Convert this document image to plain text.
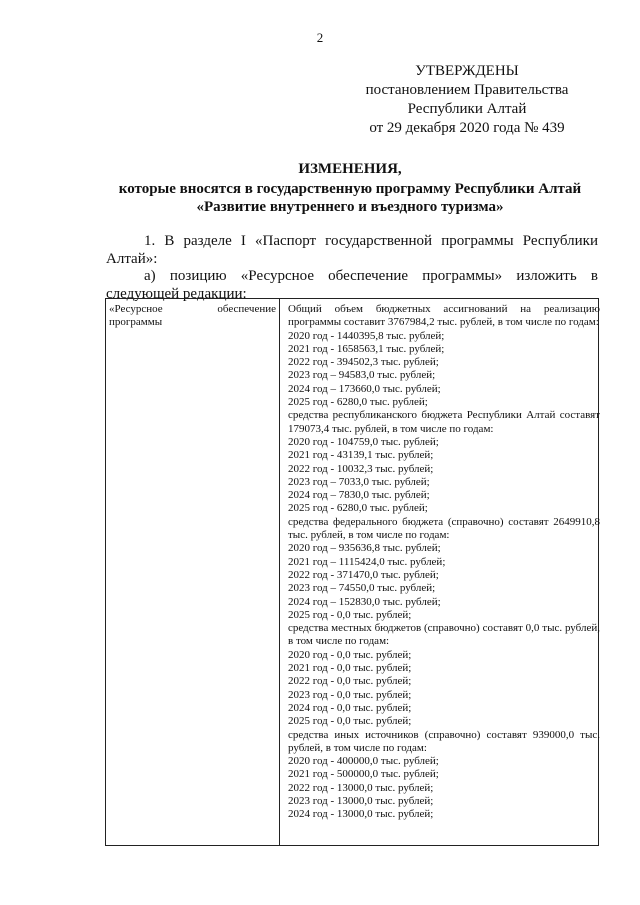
2
УТВЕРЖДЕНЫ
постановлением Правительства
Республики Алтай
от 29 декабря 2020 года № 439
ИЗМЕНЕНИЯ,
которые вносятся в государственную программу Республики Алтай
«Развитие внутреннего и въездного туризма»
1. В разделе I «Паспорт государственной программы Республики Алтай»:
а) позицию «Ресурсное обеспечение программы» изложить в следующей редакции:
«Ресурсное обеспечение программы
Общий объем бюджетных ассигнований на реализацию программы составит 3767984,2 тыс. рублей, в том числе по годам:
2020 год - 1440395,8 тыс. рублей;
2021 год - 1658563,1 тыс. рублей;
2022 год - 394502,3 тыс. рублей;
2023 год – 94583,0 тыс. рублей;
2024 год – 173660,0 тыс. рублей;
2025 год - 6280,0 тыс. рублей;
средства республиканского бюджета Республики Алтай составят 179073,4 тыс. рублей, в том числе по годам:
2020 год - 104759,0 тыс. рублей;
2021 год - 43139,1 тыс. рублей;
2022 год - 10032,3 тыс. рублей;
2023 год – 7033,0 тыс. рублей;
2024 год – 7830,0 тыс. рублей;
2025 год - 6280,0 тыс. рублей;
средства федерального бюджета (справочно) составят 2649910,8 тыс. рублей, в том числе по годам:
2020 год – 935636,8 тыс. рублей;
2021 год – 1115424,0 тыс. рублей;
2022 год - 371470,0 тыс. рублей;
2023 год – 74550,0 тыс. рублей;
2024 год – 152830,0 тыс. рублей;
2025 год - 0,0 тыс. рублей;
средства местных бюджетов (справочно) составят 0,0 тыс. рублей, в том числе по годам:
2020 год - 0,0 тыс. рублей;
2021 год - 0,0 тыс. рублей;
2022 год - 0,0 тыс. рублей;
2023 год - 0,0 тыс. рублей;
2024 год - 0,0 тыс. рублей;
2025 год - 0,0 тыс. рублей;
средства иных источников (справочно) составят 939000,0 тыс. рублей, в том числе по годам:
2020 год - 400000,0 тыс. рублей;
2021 год - 500000,0 тыс. рублей;
2022 год - 13000,0 тыс. рублей;
2023 год - 13000,0 тыс. рублей;
2024 год - 13000,0 тыс. рублей;
